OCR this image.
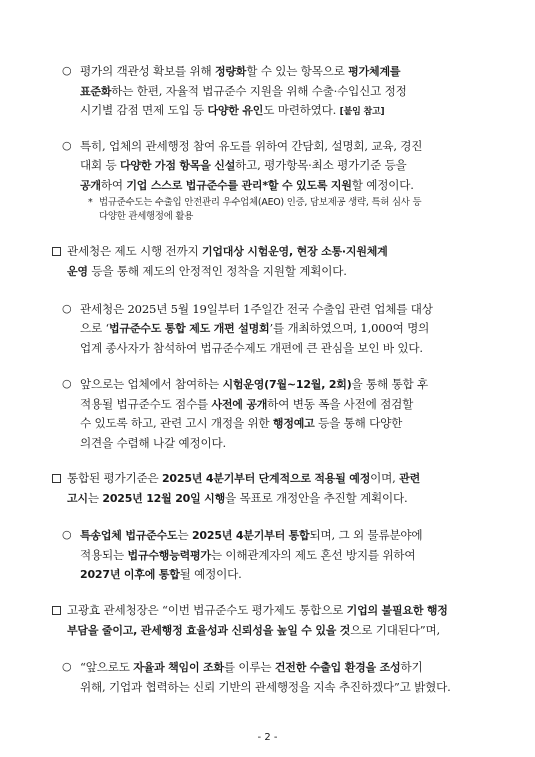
○ 평가의 객관성 확보를 위해 정량화할 수 있는 항목으로 평가체계를
표준화하는 한편, 자율적 법규준수 지원을 위해 수출·수입신고 정정
시기별 감점 면제 도입 등 다양한 유인도 마련하였다. [붙임 참고]
○ 특히, 업체의 관세행정 참여 유도를 위하여 간담회, 설명회, 교육, 경진
대회 등 다양한 가점 항목을 신설하고, 평가항목·최소 평가기준 등을
공개하여 기업 스스로 법규준수를 관리*할 수 있도록 지원할 예정이다.
* 법규준수도는 수출입 안전관리 우수업체(AEO) 인증, 담보제공 생략, 특허 심사 등
다양한 관세행정에 활용
관세청은 제도 시행 전까지 기업대상 시험운영, 현장 소통·지원체계
운영 등을 통해 제도의 안정적인 정착을 지원할 계획이다.
○ 관세청은 2025년 5월 19일부터 1주일간 전국 수출입 관련 업체를 대상
으로 ‘법규준수도 통합 제도 개편 설명회’를 개최하였으며, 1,000여 명의
업계 종사자가 참석하여 법규준수제도 개편에 큰 관심을 보인 바 있다.
○ 앞으로는 업체에서 참여하는 시험운영(7월~12월, 2회)을 통해 통합 후
적용될 법규준수도 점수를 사전에 공개하여 변동 폭을 사전에 점검할
수 있도록 하고, 관련 고시 개정을 위한 행정예고 등을 통해 다양한
의견을 수렴해 나갈 예정이다.
통합된 평가기준은 2025년 4분기부터 단계적으로 적용될 예정이며, 관련
고시는 2025년 12월 20일 시행을 목표로 개정안을 추진할 계획이다.
○ 특송업체 법규준수도는 2025년 4분기부터 통합되며, 그 외 물류분야에
적용되는 법규수행능력평가는 이해관계자의 제도 혼선 방지를 위하여
2027년 이후에 통합될 예정이다.
고광효 관세청장은 “이번 법규준수도 평가제도 통합으로 기업의 불필요한 행정
부담을 줄이고, 관세행정 효율성과 신뢰성을 높일 수 있을 것으로 기대된다”며,
○ “앞으로도 자율과 책임이 조화를 이루는 건전한 수출입 환경을 조성하기
위해, 기업과 협력하는 신뢰 기반의 관세행정을 지속 추진하겠다”고 밝혔다.
- 2 -
